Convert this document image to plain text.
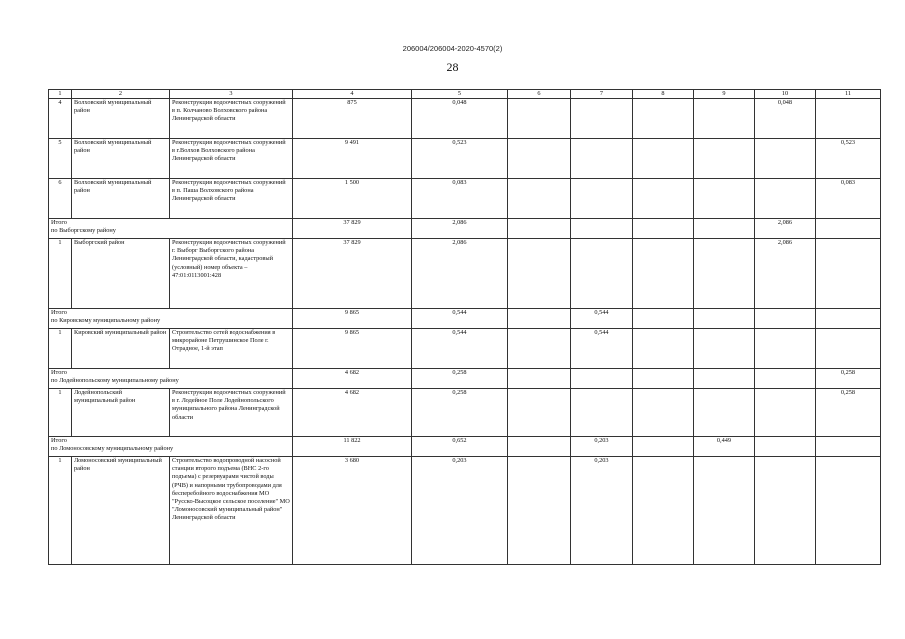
206004/206004-2020-4570(2)
28
1	2	3	4	5	6	7	8	9	10	11
4	Волховский муниципальный район	Реконструкция водоочистных сооружений в п. Колчаново Волховского района Ленинградской области	875	0,048					0,048	
5	Волховский муниципальный район	Реконструкция водоочистных сооружений в г.Волхов Волховского района Ленинградской области	9 491	0,523						0,523
6	Волховский муниципальный район	Реконструкция водоочистных сооружений в п. Паша Волховского района Ленинградской области	1 500	0,083						0,083

Итого
по Выборгскому району			37 829	2,086					2,086	
1	Выборгский район	Реконструкция водоочистных сооружений г. Выборг Выборгского района Ленинградской области, кадастровый (условный) номер объекта – 47:01:0113001:428	37 829	2,086					2,086	

Итого
по Кировскому муниципальному району			9 865	0,544		0,544				
1	Кировский муниципальный район	Строительство сетей водоснабжения в микрорайоне Петрушинское Поле г. Отрадное, 1-й этап	9 865	0,544		0,544				

Итого
по Лодейнопольскому муниципальному району			4 682	0,258						0,258
1	Лодейнопольский муниципальный район	Реконструкция водоочистных сооружений в г. Лодейное Поле Лодейнопольского муниципального района Ленинградской области	4 682	0,258						0,258

Итого
по Ломоносовскому муниципальному району			11 822	0,652		0,203		0,449		
1	Ломоносовский муниципальный район	Строительство водопроводной насосной станции второго подъема (ВНС 2-го подъема) с резервуарами чистой воды (РЧВ) и напорными трубопроводами для бесперебойного водоснабжения МО "Русско-Высоцкое сельское поселение" МО "Ломоносовский муниципальный район" Ленинградской области	3 680	0,203		0,203				
